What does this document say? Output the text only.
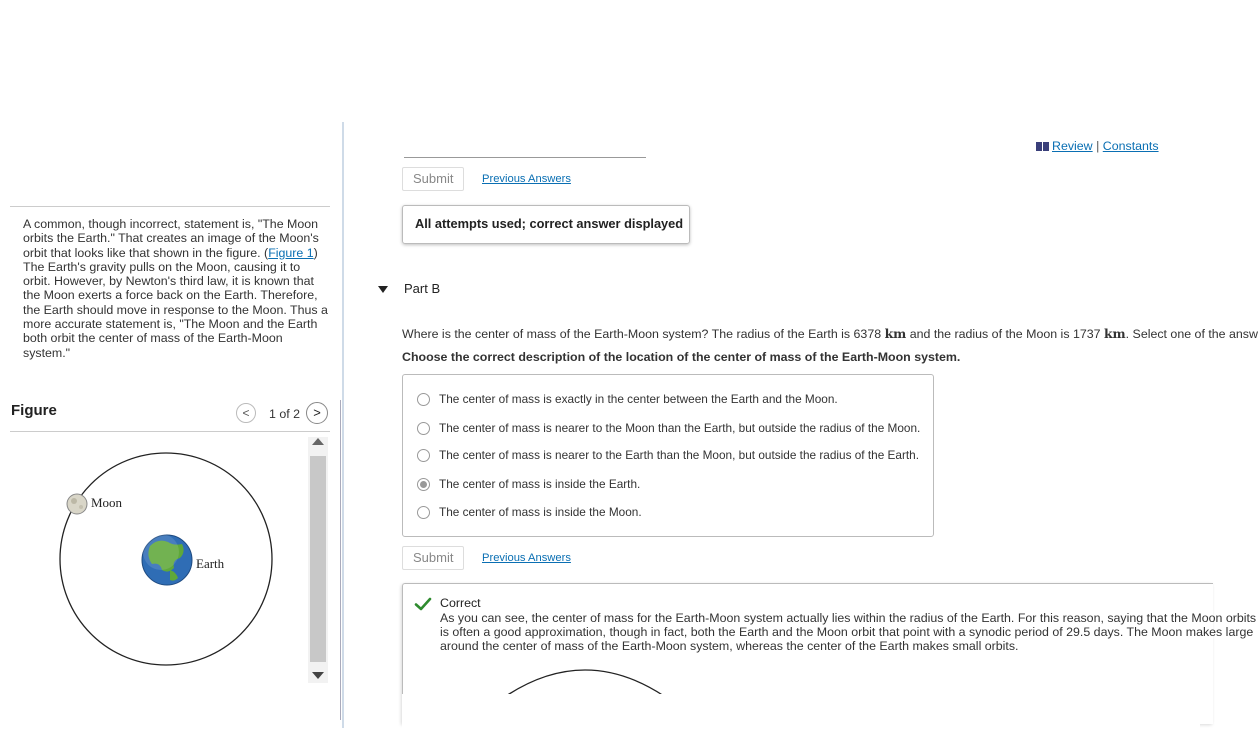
Review | Constants
A common, though incorrect, statement is, "The Moon orbits the Earth." That creates an image of the Moon's orbit that looks like that shown in the figure. (Figure 1) The Earth's gravity pulls on the Moon, causing it to orbit. However, by Newton's third law, it is known that the Moon exerts a force back on the Earth. Therefore, the Earth should move in response to the Moon. Thus a more accurate statement is, "The Moon and the Earth both orbit the center of mass of the Earth-Moon system."
Figure	<	1 of 2	>
Moon
Earth
Submit	Previous Answers
All attempts used; correct answer displayed
Part B
Where is the center of mass of the Earth-Moon system? The radius of the Earth is 6378 km and the radius of the Moon is 1737 km. Select one of the answ
Choose the correct description of the location of the center of mass of the Earth-Moon system.
The center of mass is exactly in the center between the Earth and the Moon.
The center of mass is nearer to the Moon than the Earth, but outside the radius of the Moon.
The center of mass is nearer to the Earth than the Moon, but outside the radius of the Earth.
The center of mass is inside the Earth.
The center of mass is inside the Moon.
Submit	Previous Answers
Correct
As you can see, the center of mass for the Earth-Moon system actually lies within the radius of the Earth. For this reason, saying that the Moon orbits
is often a good approximation, though in fact, both the Earth and the Moon orbit that point with a synodic period of 29.5 days. The Moon makes large
around the center of mass of the Earth-Moon system, whereas the center of the Earth makes small orbits.
